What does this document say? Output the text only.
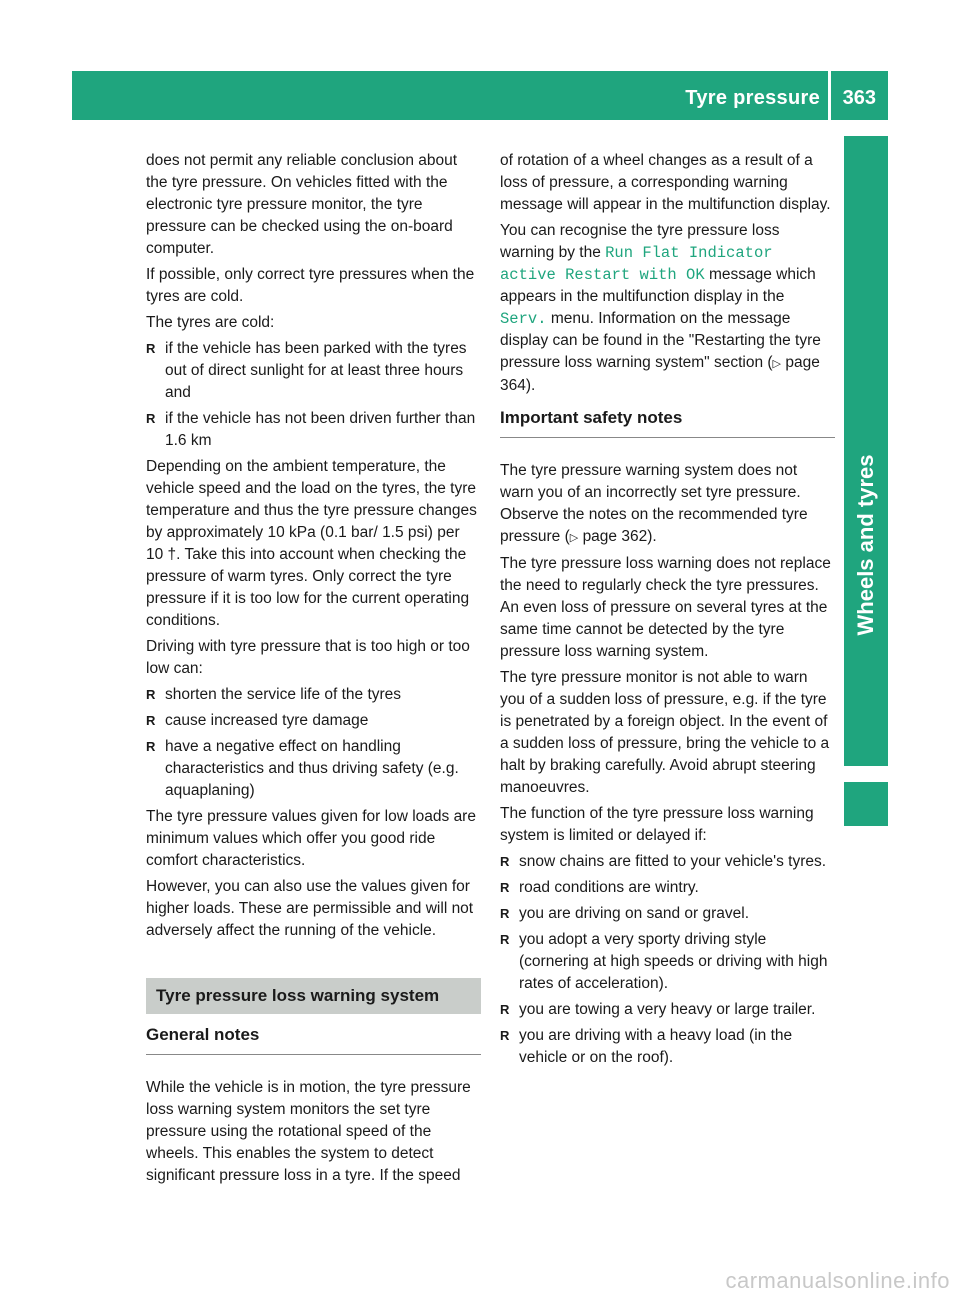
Tyre pressure 363
Wheels and tyres

does not permit any reliable conclusion about the tyre pressure. On vehicles fitted with the electronic tyre pressure monitor, the tyre pressure can be checked using the on-board computer.

If possible, only correct tyre pressures when the tyres are cold.

The tyres are cold:

R if the vehicle has been parked with the tyres out of direct sunlight for at least three hours and
R if the vehicle has not been driven further than 1.6 km

Depending on the ambient temperature, the vehicle speed and the load on the tyres, the tyre temperature and thus the tyre pressure changes by approximately 10 kPa (0.1 bar/ 1.5 psi) per 10 †. Take this into account when checking the pressure of warm tyres. Only correct the tyre pressure if it is too low for the current operating conditions.

Driving with tyre pressure that is too high or too low can:

R shorten the service life of the tyres
R cause increased tyre damage
R have a negative effect on handling characteristics and thus driving safety (e.g. aquaplaning)

The tyre pressure values given for low loads are minimum values which offer you good ride comfort characteristics.

However, you can also use the values given for higher loads. These are permissible and will not adversely affect the running of the vehicle.

Tyre pressure loss warning system
General notes

While the vehicle is in motion, the tyre pressure loss warning system monitors the set tyre pressure using the rotational speed of the wheels. This enables the system to detect significant pressure loss in a tyre. If the speed

of rotation of a wheel changes as a result of a loss of pressure, a corresponding warning message will appear in the multifunction display.

You can recognise the tyre pressure loss warning by the Run Flat Indicator active Restart with OK message which appears in the multifunction display in the Serv. menu. Information on the message display can be found in the "Restarting the tyre pressure loss warning system" section (▷ page 364).

Important safety notes

The tyre pressure warning system does not warn you of an incorrectly set tyre pressure. Observe the notes on the recommended tyre pressure (▷ page 362).

The tyre pressure loss warning does not replace the need to regularly check the tyre pressures. An even loss of pressure on several tyres at the same time cannot be detected by the tyre pressure loss warning system.

The tyre pressure monitor is not able to warn you of a sudden loss of pressure, e.g. if the tyre is penetrated by a foreign object. In the event of a sudden loss of pressure, bring the vehicle to a halt by braking carefully. Avoid abrupt steering manoeuvres.

The function of the tyre pressure loss warning system is limited or delayed if:

R snow chains are fitted to your vehicle's tyres.
R road conditions are wintry.
R you are driving on sand or gravel.
R you adopt a very sporty driving style (cornering at high speeds or driving with high rates of acceleration).
R you are towing a very heavy or large trailer.
R you are driving with a heavy load (in the vehicle or on the roof).
carmanualsonline.info
